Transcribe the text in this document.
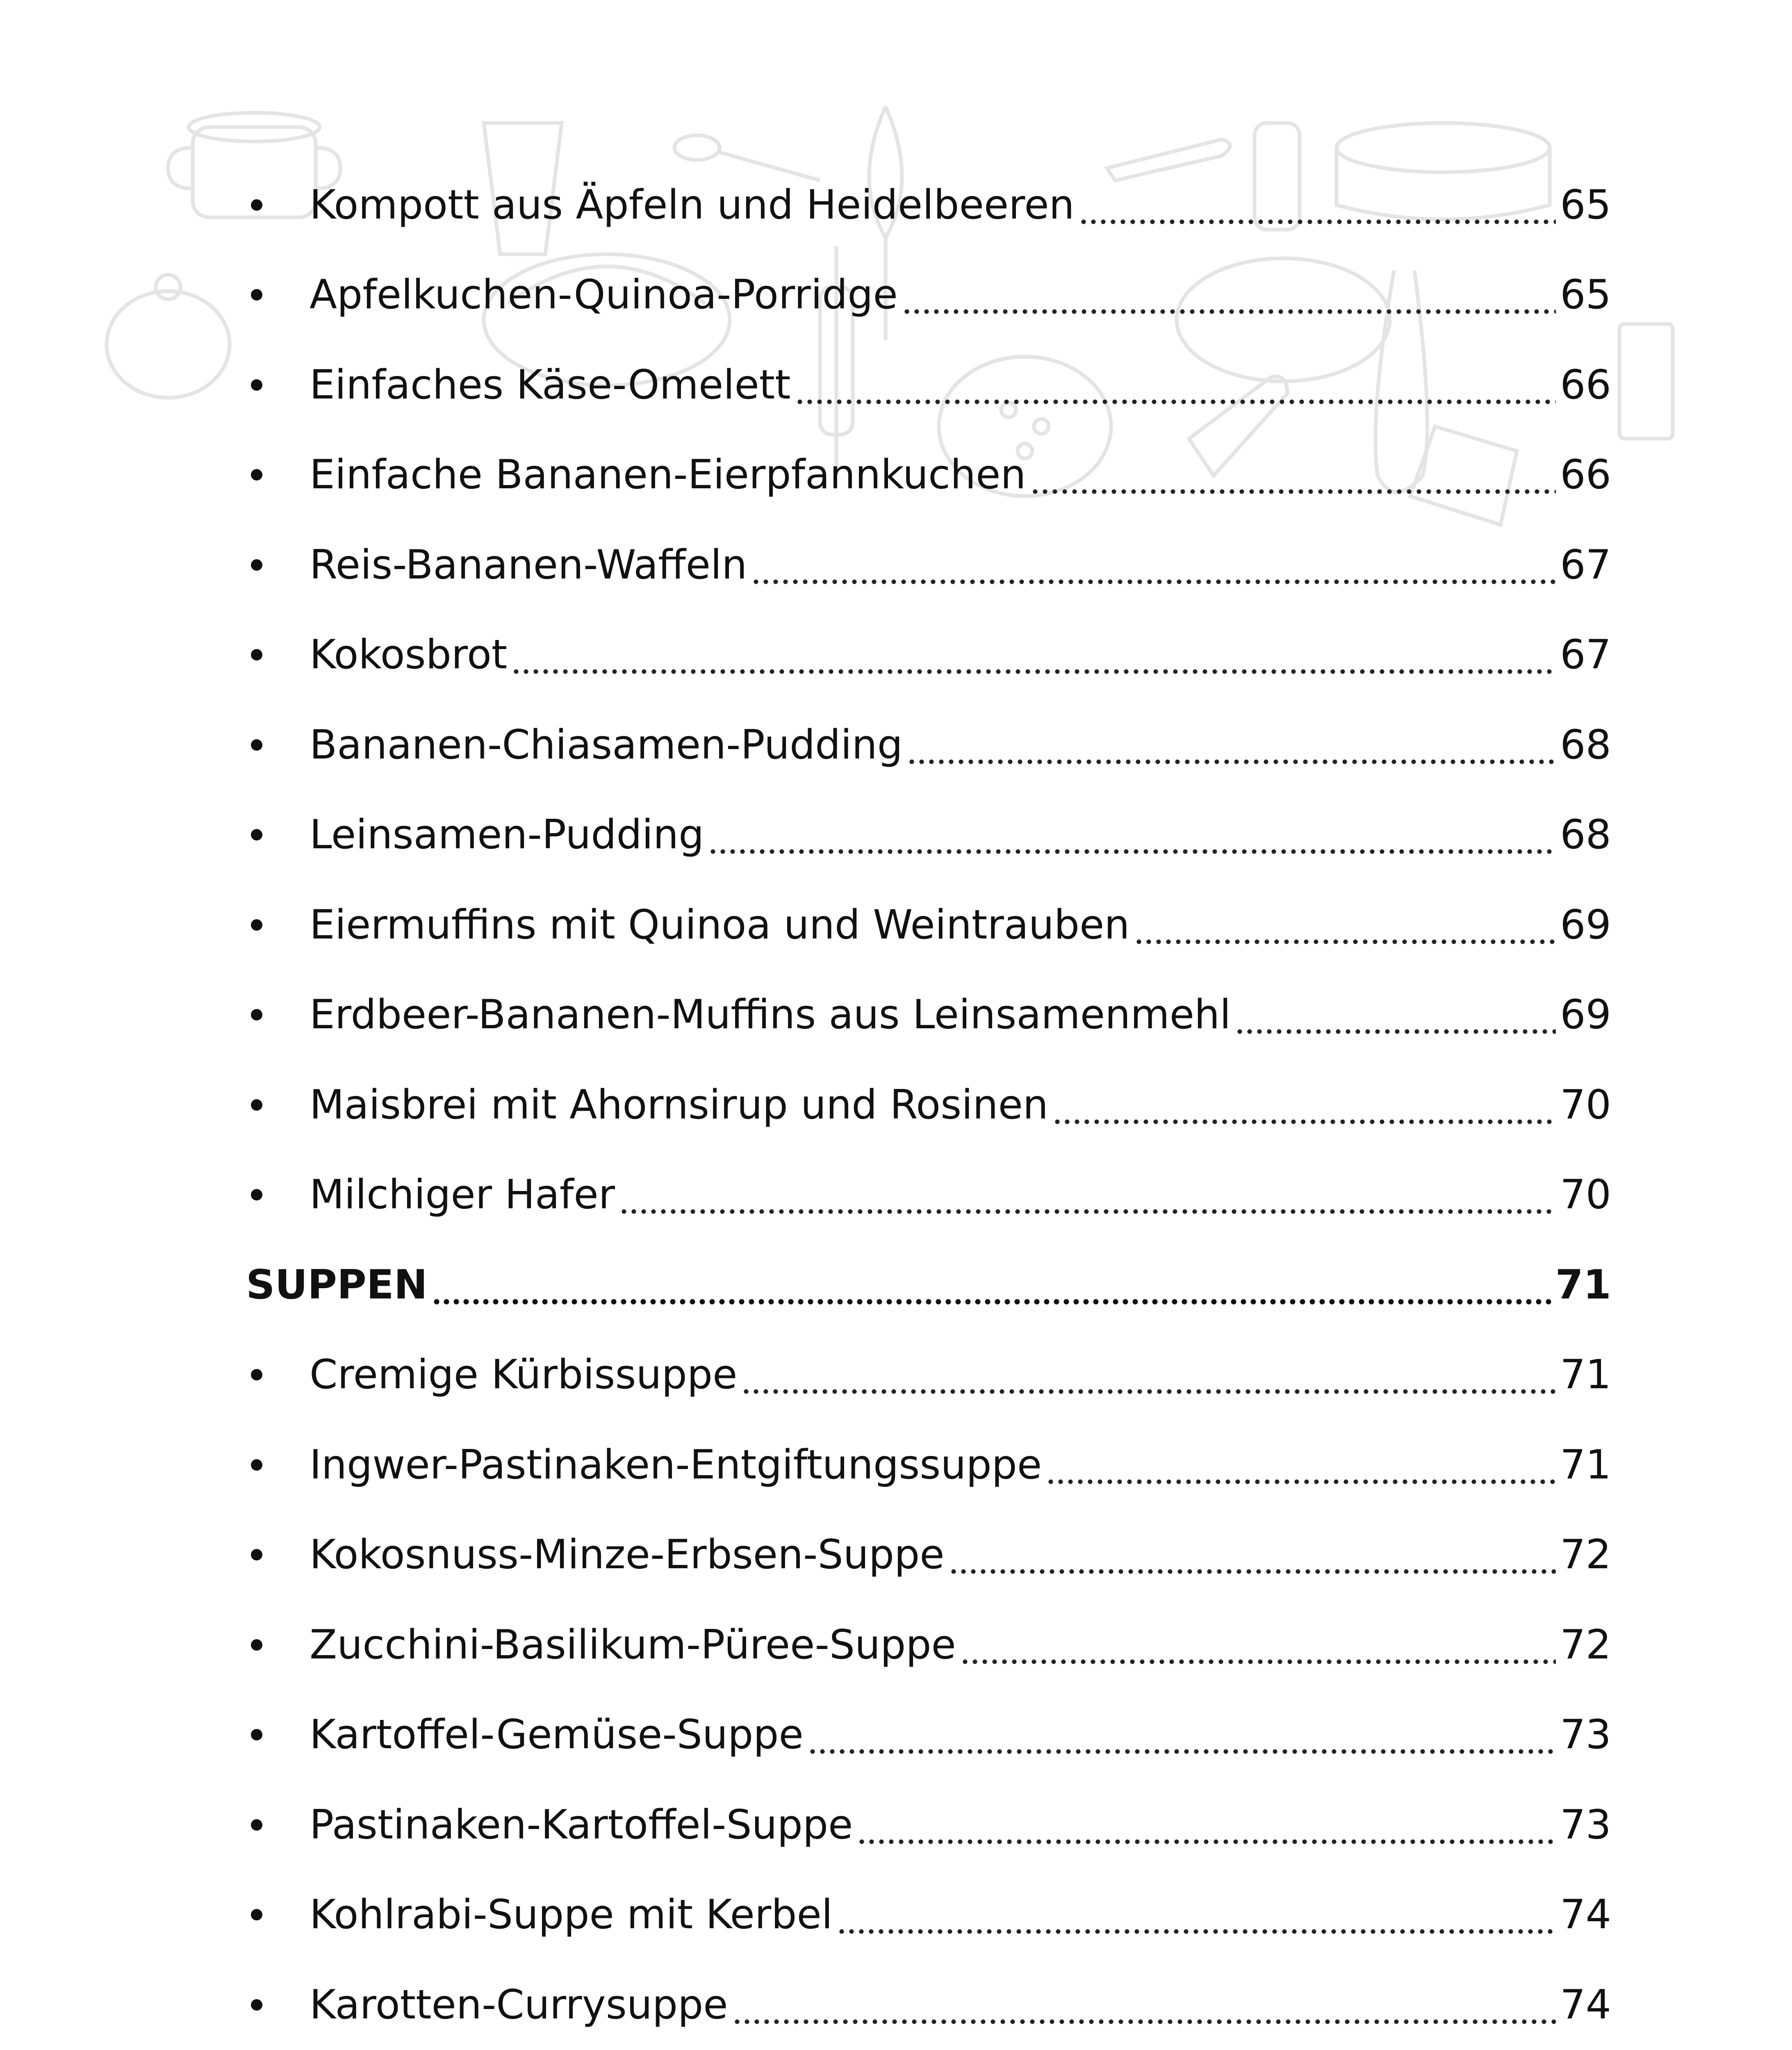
Kompott aus Äpfeln und Heidelbeeren	65
Apfelkuchen-Quinoa-Porridge	65
Einfaches Käse-Omelett	66
Einfache Bananen-Eierpfannkuchen	66
Reis-Bananen-Waffeln	67
Kokosbrot	67
Bananen-Chiasamen-Pudding	68
Leinsamen-Pudding	68
Eiermuffins mit Quinoa und Weintrauben	69
Erdbeer-Bananen-Muffins aus Leinsamenmehl	69
Maisbrei mit Ahornsirup und Rosinen	70
Milchiger Hafer	70
SUPPEN	71
Cremige Kürbissuppe	71
Ingwer-Pastinaken-Entgiftungssuppe	71
Kokosnuss-Minze-Erbsen-Suppe	72
Zucchini-Basilikum-Püree-Suppe	72
Kartoffel-Gemüse-Suppe	73
Pastinaken-Kartoffel-Suppe	73
Kohlrabi-Suppe mit Kerbel	74
Karotten-Currysuppe	74
